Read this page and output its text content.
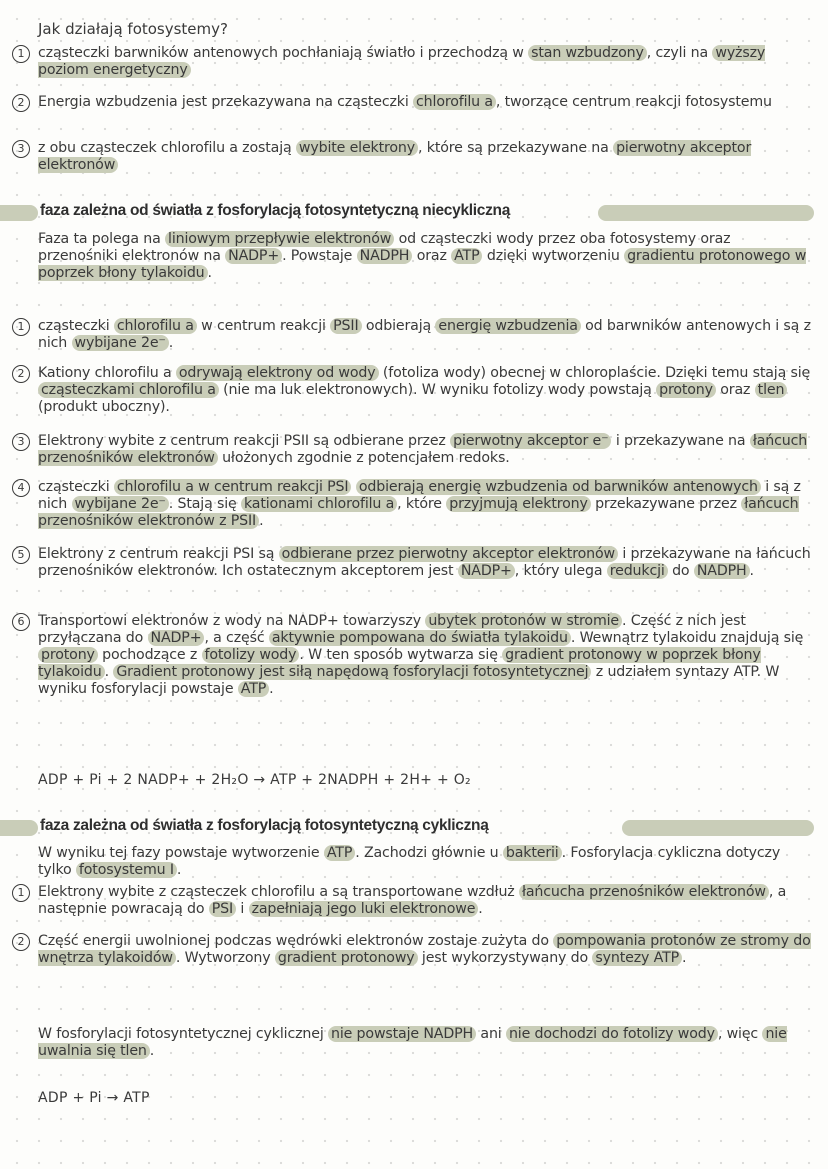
Jak działają fotosystemy?
1 cząsteczki barwników antenowych pochłaniają światło i przechodzą w stan wzbudzony , czyli na wyższy poziom energetyczny
2 Energia wzbudzenia jest przekazywana na cząsteczki chlorofilu a , tworzące centrum reakcji fotosystemu
3 z obu cząsteczek chlorofilu a zostają wybite elektrony , które są przekazywane na pierwotny akceptor elektronów
faza zależna od światła z fosforylacją fotosyntetyczną niecykliczną
Faza ta polega na liniowym przepływie elektronów od cząsteczki wody przez oba fotosystemy oraz przenośniki elektronów na NADP+ . Powstaje NADPH oraz ATP dzięki wytworzeniu gradientu protonowego w poprzek błony tylakoidu .
1 cząsteczki chlorofilu a w centrum reakcji PSII odbierają energię wzbudzenia od barwników antenowych i są z nich wybijane 2e⁻ .
2 Kationy chlorofilu a odrywają elektrony od wody (fotoliza wody) obecnej w chloroplaście. Dzięki temu stają się cząsteczkami chlorofilu a (nie ma luk elektronowych). W wyniku fotolizy wody powstają protony oraz tlen (produkt uboczny).
3 Elektrony wybite z centrum reakcji PSII są odbierane przez pierwotny akceptor e⁻ i przekazywane na łańcuch przenośników elektronów ułożonych zgodnie z potencjałem redoks.
4 cząsteczki chlorofilu a w centrum reakcji PSI odbierają energię wzbudzenia od barwników antenowych i są z nich wybijane 2e⁻ . Stają się kationami chlorofilu a , które przyjmują elektrony przekazywane przez łańcuch przenośników elektronów z PSII .
5 Elektrony z centrum reakcji PSI są odbierane przez pierwotny akceptor elektronów i przekazywane na łańcuch przenośników elektronów. Ich ostatecznym akceptorem jest NADP+ , który ulega redukcji do NADPH .
6 Transportowi elektronów z wody na NADP+ towarzyszy ubytek protonów w stromie . Część z nich jest przyłączana do NADP+ , a część aktywnie pompowana do światła tylakoidu . Wewnątrz tylakoidu znajdują się protony pochodzące z fotolizy wody . W ten sposób wytwarza się gradient protonowy w poprzek błony tylakoidu . Gradient protonowy jest siłą napędową fosforylacji fotosyntetycznej z udziałem syntazy ATP. W wyniku fosforylacji powstaje ATP .
ADP + Pi + 2 NADP+ + 2H₂O → ATP + 2NADPH + 2H+ + O₂
faza zależna od światła z fosforylacją fotosyntetyczną cykliczną
W wyniku tej fazy powstaje wytworzenie ATP . Zachodzi głównie u bakterii . Fosforylacja cykliczna dotyczy tylko fotosystemu I .
1 Elektrony wybite z cząsteczek chlorofilu a są transportowane wzdłuż łańcucha przenośników elektronów , a następnie powracają do PSI i zapełniają jego luki elektronowe .
2 Część energii uwolnionej podczas wędrówki elektronów zostaje zużyta do pompowania protonów ze stromy do wnętrza tylakoidów . Wytworzony gradient protonowy jest wykorzystywany do syntezy ATP .
W fosforylacji fotosyntetycznej cyklicznej nie powstaje NADPH ani nie dochodzi do fotolizy wody , więc nie uwalnia się tlen .
ADP + Pi → ATP
